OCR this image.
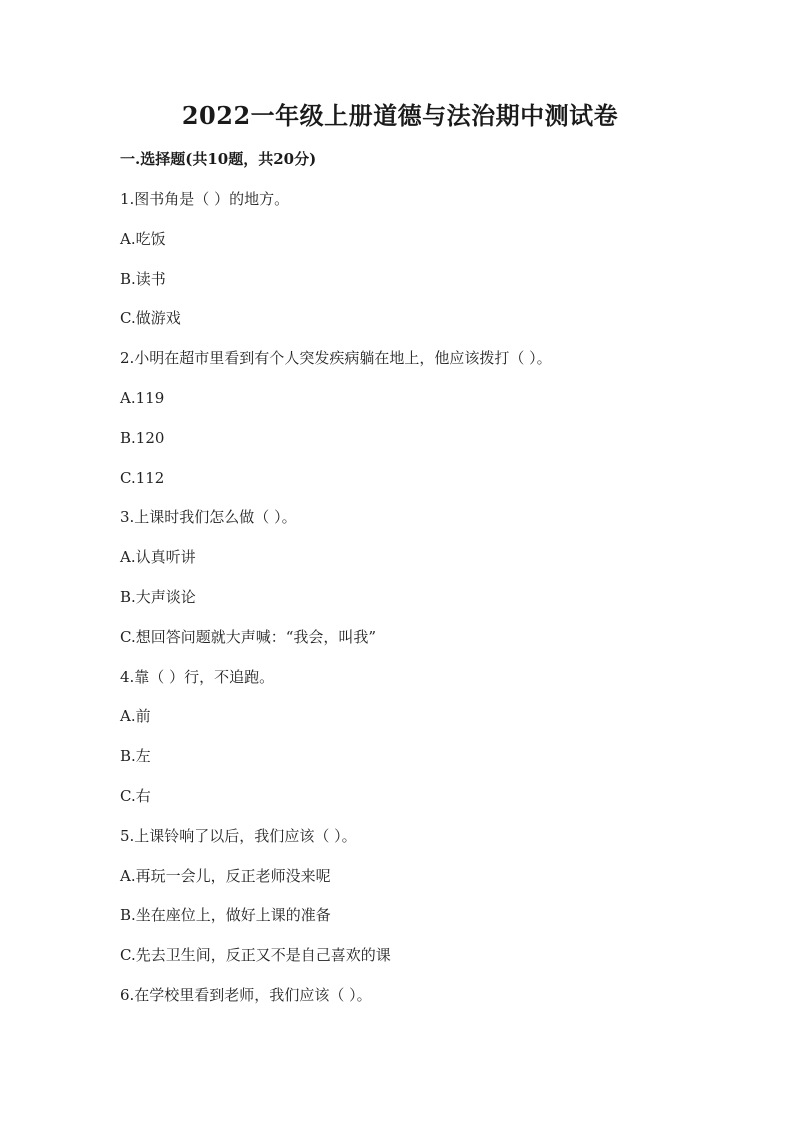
2022一年级上册道德与法治期中测试卷
一.选择题(共10题，共20分)
1.图书角是（ ）的地方。
A.吃饭
B.读书
C.做游戏
2.小明在超市里看到有个人突发疾病躺在地上，他应该拨打（ ）。
A.119
B.120
C.112
3.上课时我们怎么做（ ）。
A.认真听讲
B.大声谈论
C.想回答问题就大声喊：“我会，叫我”
4.靠（ ）行，不追跑。
A.前
B.左
C.右
5.上课铃响了以后，我们应该（ ）。
A.再玩一会儿，反正老师没来呢
B.坐在座位上，做好上课的准备
C.先去卫生间，反正又不是自己喜欢的课
6.在学校里看到老师，我们应该（ ）。
